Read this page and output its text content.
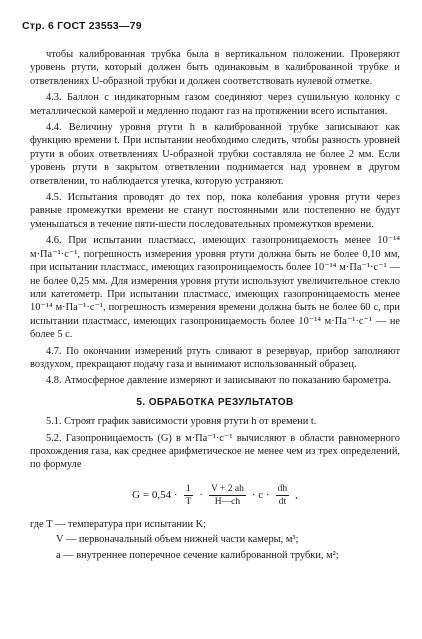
Стр. 6 ГОСТ 23553—79

чтобы калиброванная трубка была в вертикальном положении. Проверяют уровень ртути, который должен быть одинаковым в калиброванной трубке и ответвлениях U-образной трубки и должен соответствовать нулевой отметке.

4.3. Баллон с индикаторным газом соединяют через сушильную колонку с металлической камерой и медленно подают газ на протяжении всего испытания.

4.4. Величину уровня ртути h в калиброванной трубке записывают как функцию времени t. При испытании необходимо следить, чтобы разность уровней ртути в обоих ответвлениях U-образной трубки составляла не более 2 мм. Если уровень ртути в закрытом ответвлении поднимается над уровнем в другом ответвлении, то наблюдается утечка, которую устраняют.

4.5. Испытания проводят до тех пор, пока колебания уровня ртути через равные промежутки времени не станут постоянными или постепенно не будут уменьшаться в течение пяти-шести последовательных промежутков времени.

4.6. При испытании пластмасс, имеющих газопроницаемость менее 10⁻¹⁴ м·Па⁻¹·с⁻¹, погрешность измерения уровня ртути должна быть не более 0,10 мм, при испытании пластмасс, имеющих газопроницаемость более 10⁻¹⁴ м·Па⁻¹·с⁻¹ — не более 0,25 мм. Для измерения уровня ртути используют увеличительное стекло или катетометр. При испытании пластмасс, имеющих газопроницаемость менее 10⁻¹⁴ м·Па⁻¹·с⁻¹, погрешность измерения времени должна быть не более 60 с, при испытании пластмасс, имеющих газопроницаемость более 10⁻¹⁴ м·Па⁻¹·с⁻¹ — не более 5 с.

4.7. По окончании измерений ртуть сливают в резервуар, прибор заполняют воздухом, прекращают подачу газа и вынимают использованный образец.

4.8. Атмосферное давление измеряют и записывают по показанию барометра.

5. ОБРАБОТКА РЕЗУЛЬТАТОВ

5.1. Строят график зависимости уровня ртути h от времени t.

5.2. Газопроницаемость (G) в м·Па⁻¹·с⁻¹ вычисляют в области равномерного прохождения газа, как среднее арифметическое не менее чем из трех определений, по формуле

$G = 0,54 \cdot \frac{1}{T} \cdot \frac{V + 2 ah}{H—ch} \cdot c \cdot \frac{dh}{dt}$ ,

где T — температура при испытании K;

V — первоначальный объем нижней части камеры, м³;

a — внутреннее поперечное сечение калиброванной трубки, м²;
